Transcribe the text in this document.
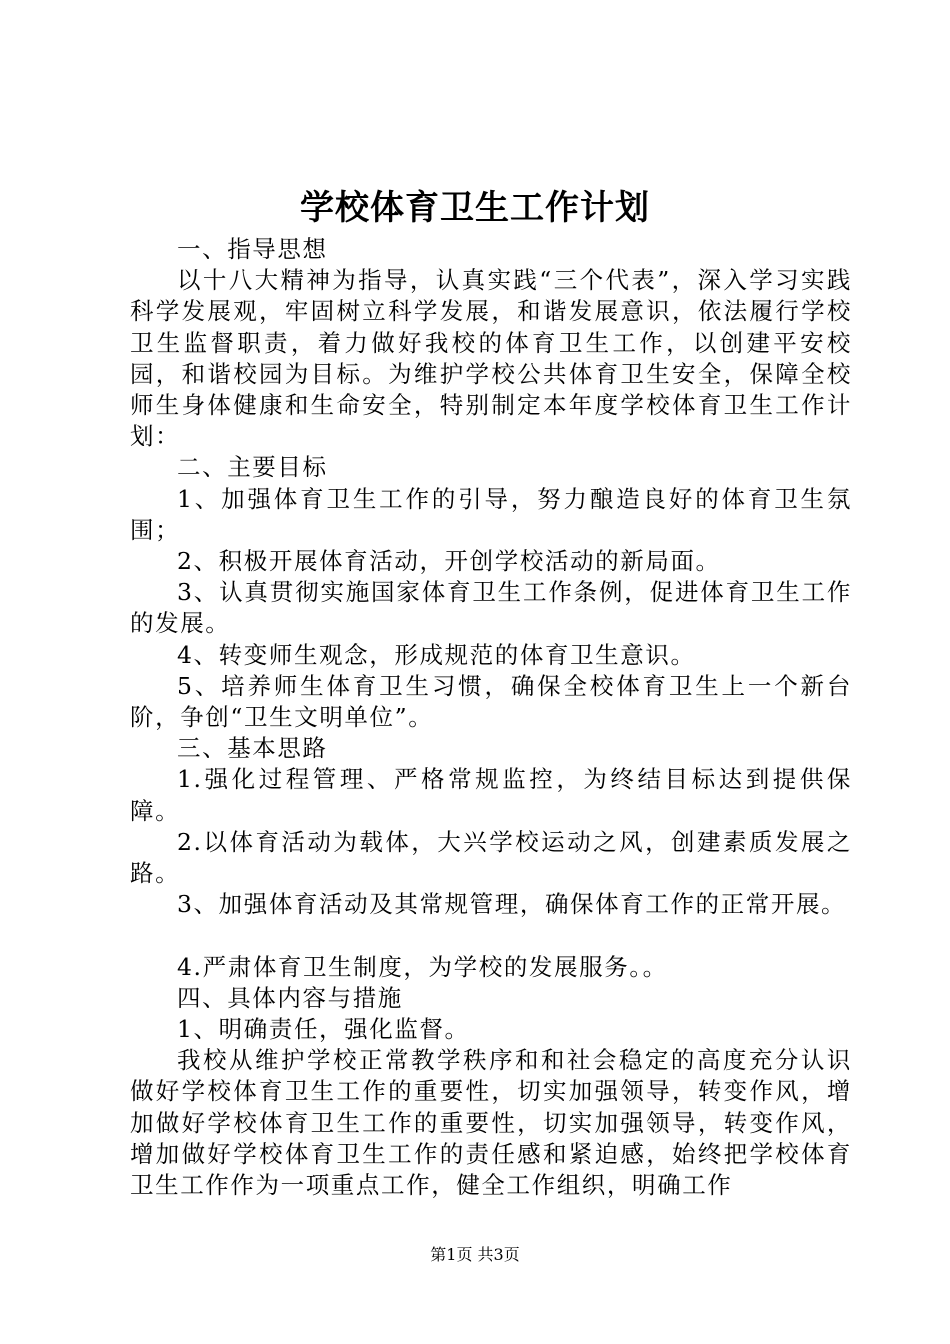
学校体育卫生工作计划

一、指导思想

以十八大精神为指导，认真实践“三个代表”，深入学习实践科学发展观，牢固树立科学发展，和谐发展意识，依法履行学校卫生监督职责，着力做好我校的体育卫生工作，以创建平安校园，和谐校园为目标。为维护学校公共体育卫生安全，保障全校师生身体健康和生命安全，特别制定本年度学校体育卫生工作计划：

二、主要目标

1、加强体育卫生工作的引导，努力酿造良好的体育卫生氛围；

2、积极开展体育活动，开创学校活动的新局面。

3、认真贯彻实施国家体育卫生工作条例，促进体育卫生工作的发展。

4、转变师生观念，形成规范的体育卫生意识。

5、培养师生体育卫生习惯，确保全校体育卫生上一个新台阶，争创“卫生文明单位”。

三、基本思路

1.强化过程管理、严格常规监控，为终结目标达到提供保障。

2.以体育活动为载体，大兴学校运动之风，创建素质发展之路。

3、加强体育活动及其常规管理，确保体育工作的正常开展。

4.严肃体育卫生制度，为学校的发展服务。。

四、具体内容与措施

1、明确责任，强化监督。

我校从维护学校正常教学秩序和和社会稳定的高度充分认识做好学校体育卫生工作的重要性，切实加强领导，转变作风，增加做好学校体育卫生工作的重要性，切实加强领导，转变作风，增加做好学校体育卫生工作的责任感和紧迫感，始终把学校体育卫生工作作为一项重点工作，健全工作组织，明确工作

第1页 共3页
